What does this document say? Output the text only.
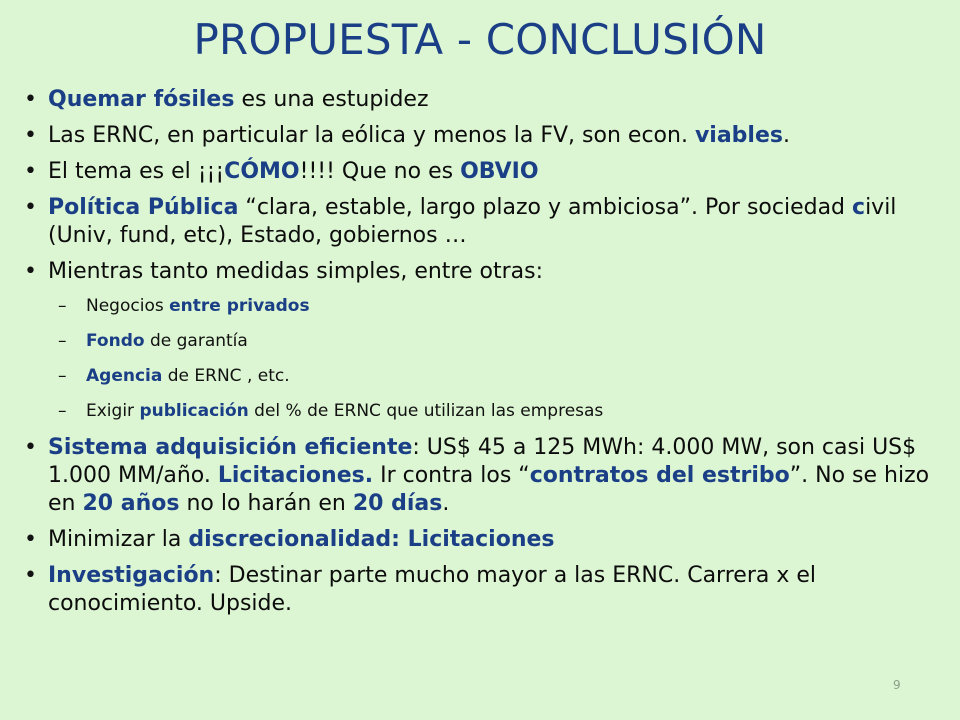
PROPUESTA - CONCLUSIÓN
• Quemar fósiles es una estupidez
• Las ERNC, en particular la eólica y menos la FV, son econ. viables.
• El tema es el ¡¡¡CÓMO!!!! Que no es OBVIO
• Política Pública “clara, estable, largo plazo y ambiciosa”. Por sociedad civil (Univ, fund, etc), Estado, gobiernos …
• Mientras tanto medidas simples, entre otras:
– Negocios entre privados
– Fondo de garantía
– Agencia de ERNC , etc.
– Exigir publicación del % de ERNC que utilizan las empresas
• Sistema adquisición eficiente: US$ 45 a 125 MWh: 4.000 MW, son casi US$ 1.000 MM/año. Licitaciones. Ir contra los “contratos del estribo”. No se hizo en 20 años no lo harán en 20 días.
• Minimizar la discrecionalidad: Licitaciones
• Investigación: Destinar parte mucho mayor a las ERNC. Carrera x el conocimiento. Upside.
9
